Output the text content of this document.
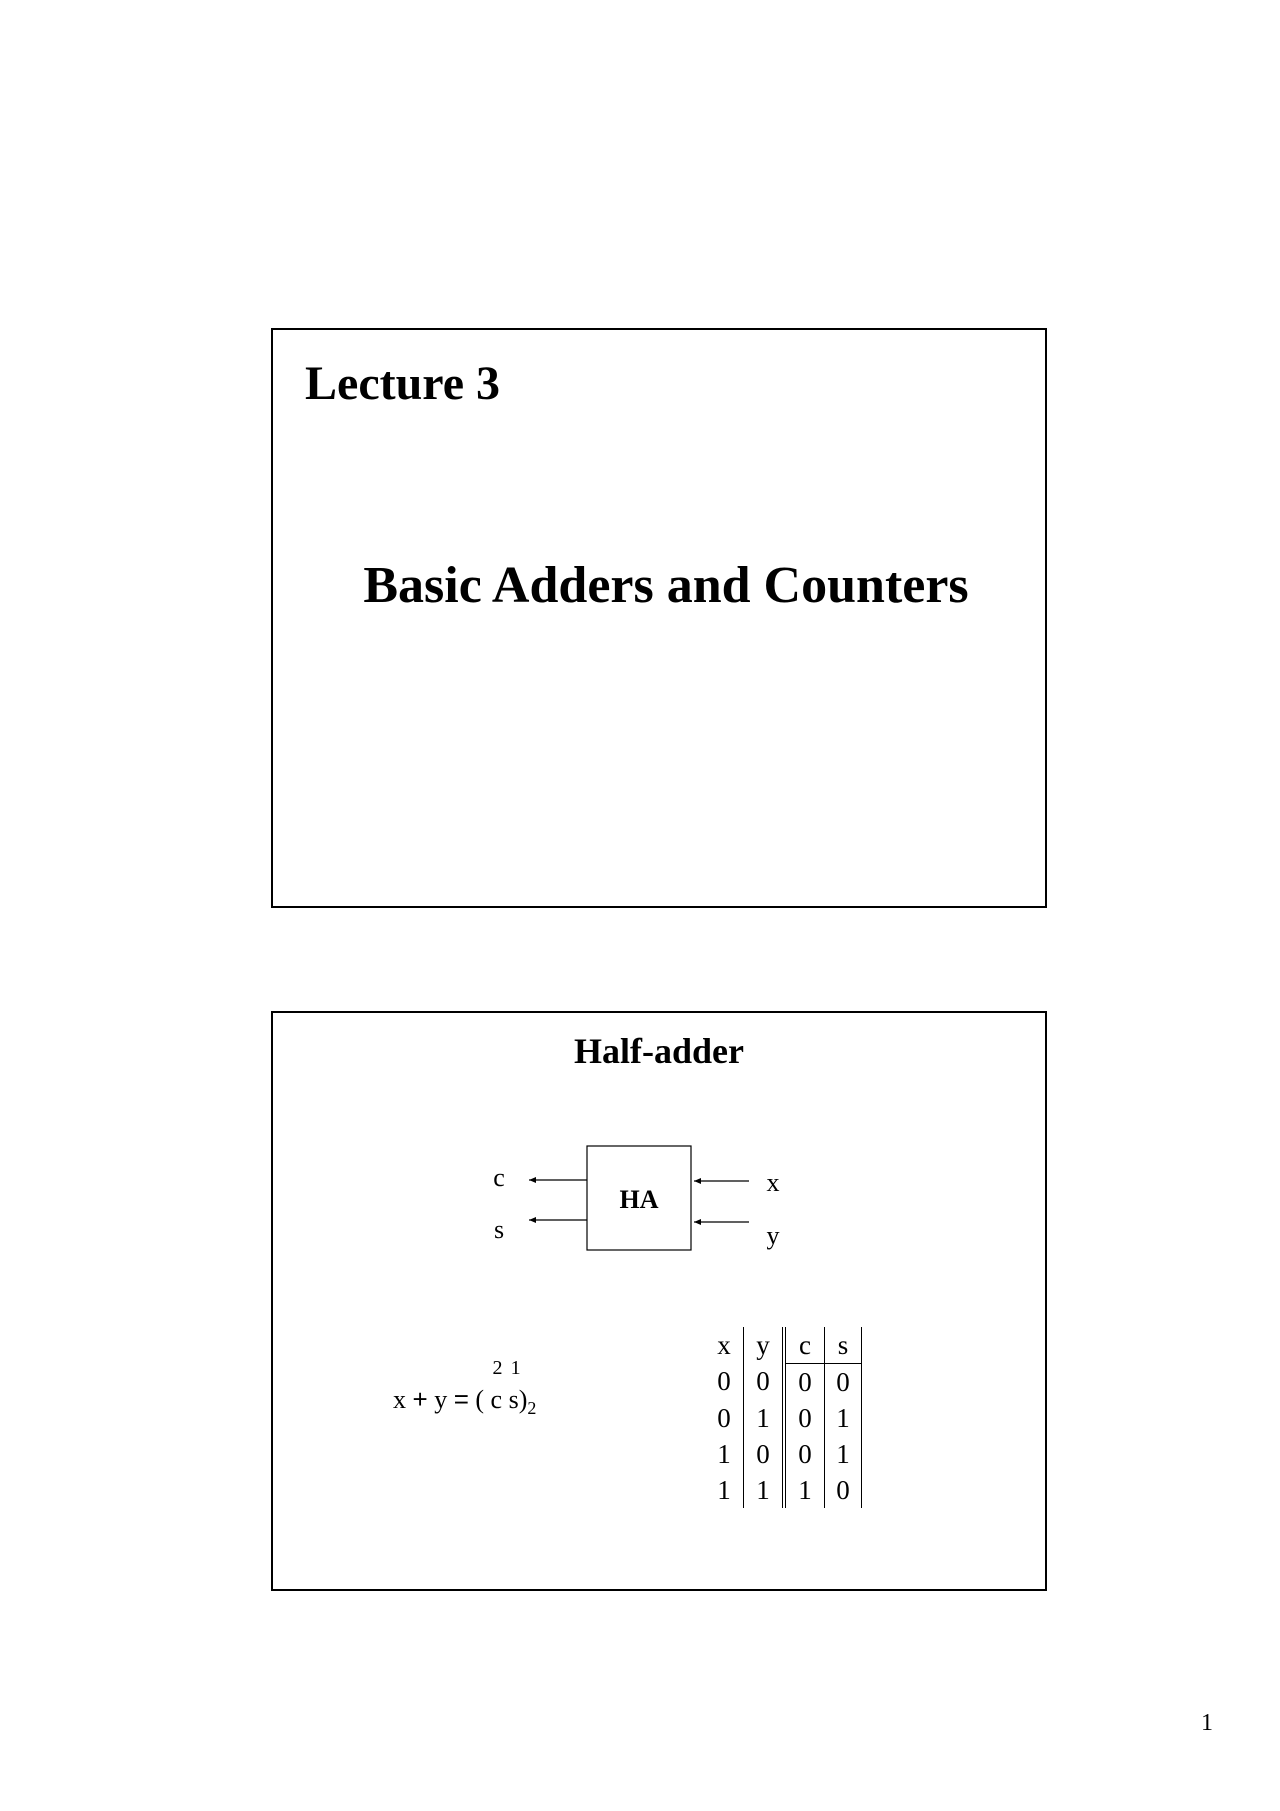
Lecture 3
Basic Adders and Counters
Half-adder
HA
x
y
c
s
x + y = (
2
c
1
$s)_2$
x	y	c	s
0	0	0	0
0	1	0	1
1	0	0	1
1	1	1	0
1
